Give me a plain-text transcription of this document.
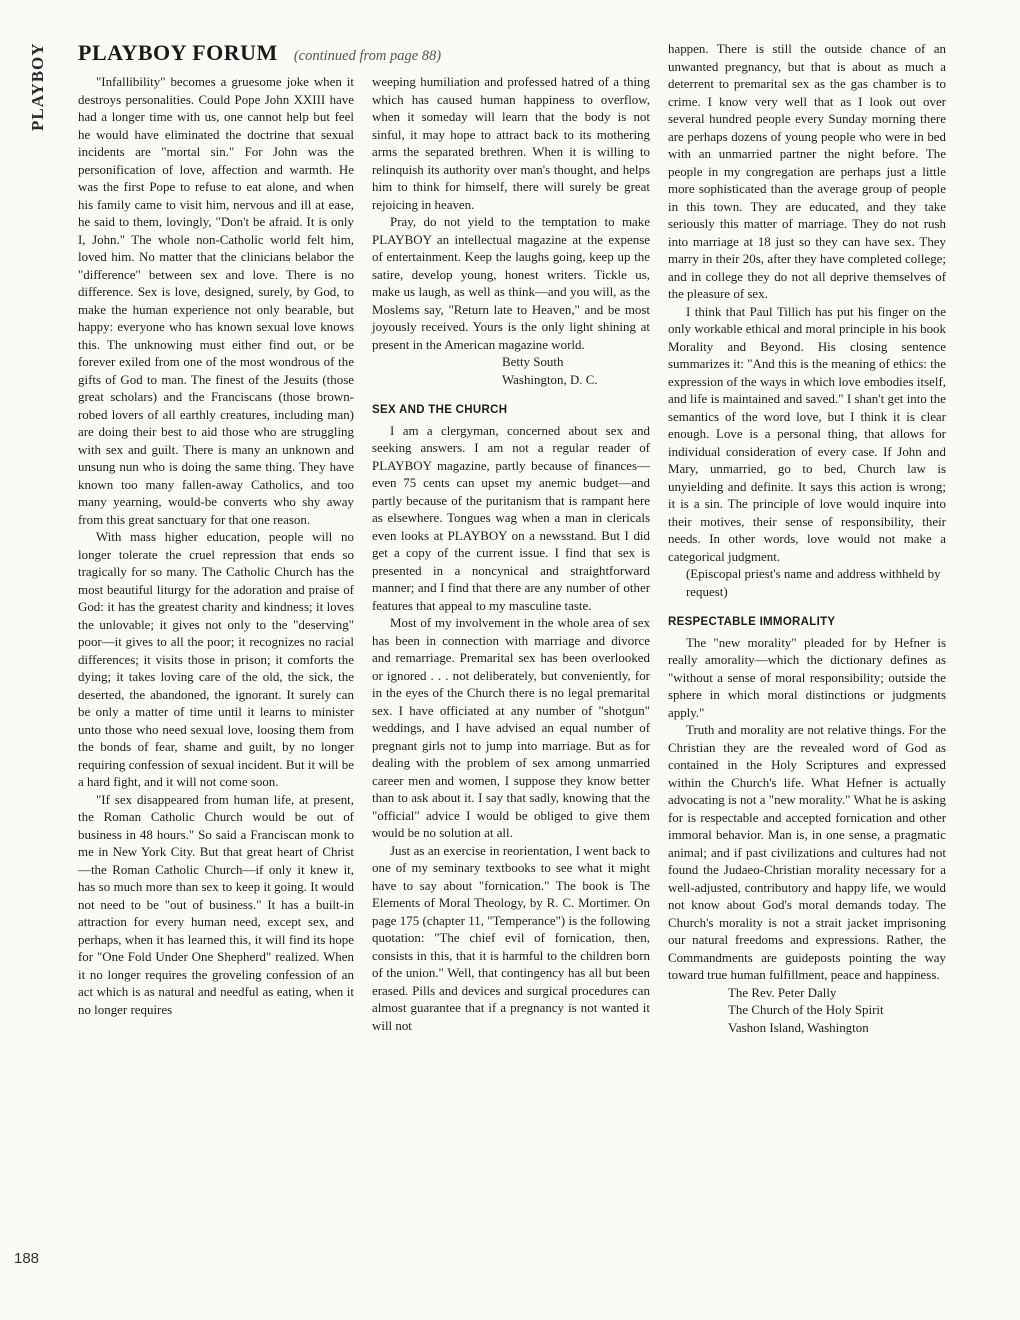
PLAYBOY PLAYBOY FORUM (continued from page 88)

"Infallibility" becomes a gruesome joke when it destroys personalities. Could Pope John XXIII have had a longer time with us, one cannot help but feel he would have eliminated the doctrine that sexual incidents are "mortal sin." For John was the personification of love, affection and warmth. He was the first Pope to refuse to eat alone, and when his family came to visit him, nervous and ill at ease, he said to them, lovingly, "Don't be afraid. It is only I, John." The whole non-Catholic world felt him, loved him. No matter that the clinicians belabor the "difference" between sex and love. There is no difference. Sex is love, designed, surely, by God, to make the human experience not only bearable, but happy: everyone who has known sexual love knows this. The unknowing must either find out, or be forever exiled from one of the most wondrous of the gifts of God to man. The finest of the Jesuits (those great scholars) and the Franciscans (those brown-robed lovers of all earthly creatures, including man) are doing their best to aid those who are struggling with sex and guilt. There is many an unknown and unsung nun who is doing the same thing. They have known too many fallen-away Catholics, and too many yearning, would-be converts who shy away from this great sanctuary for that one reason.

With mass higher education, people will no longer tolerate the cruel repression that ends so tragically for so many. The Catholic Church has the most beautiful liturgy for the adoration and praise of God: it has the greatest charity and kindness; it loves the unlovable; it gives not only to the "deserving" poor—it gives to all the poor; it recognizes no racial differences; it visits those in prison; it comforts the dying; it takes loving care of the old, the sick, the deserted, the abandoned, the ignorant. It surely can be only a matter of time until it learns to minister unto those who need sexual love, loosing them from the bonds of fear, shame and guilt, by no longer requiring confession of sexual incident. But it will be a hard fight, and it will not come soon.

"If sex disappeared from human life, at present, the Roman Catholic Church would be out of business in 48 hours." So said a Franciscan monk to me in New York City. But that great heart of Christ —the Roman Catholic Church—if only it knew it, has so much more than sex to keep it going. It would not need to be "out of business." It has a built-in attraction for every human need, except sex, and perhaps, when it has learned this, it will find its hope for "One Fold Under One Shepherd" realized. When it no longer requires the groveling confession of an act which is as natural and needful as eating, when it no longer requires

weeping humiliation and professed hatred of a thing which has caused human happiness to overflow, when it someday will learn that the body is not sinful, it may hope to attract back to its mothering arms the separated brethren. When it is willing to relinquish its authority over man's thought, and helps him to think for himself, there will surely be great rejoicing in heaven.

Pray, do not yield to the temptation to make PLAYBOY an intellectual magazine at the expense of entertainment. Keep the laughs going, keep up the satire, develop young, honest writers. Tickle us, make us laugh, as well as think—and you will, as the Moslems say, "Return late to Heaven," and be most joyously received. Yours is the only light shining at present in the American magazine world.

Betty South

Washington, D. C.

SEX AND THE CHURCH

I am a clergyman, concerned about sex and seeking answers. I am not a regular reader of PLAYBOY magazine, partly because of finances—even 75 cents can upset my anemic budget—and partly because of the puritanism that is rampant here as elsewhere. Tongues wag when a man in clericals even looks at PLAYBOY on a newsstand. But I did get a copy of the current issue. I find that sex is presented in a noncynical and straightforward manner; and I find that there are any number of other features that appeal to my masculine taste.

Most of my involvement in the whole area of sex has been in connection with marriage and divorce and remarriage. Premarital sex has been overlooked or ignored . . . not deliberately, but conveniently, for in the eyes of the Church there is no legal premarital sex. I have officiated at any number of "shotgun" weddings, and I have advised an equal number of pregnant girls not to jump into marriage. But as for dealing with the problem of sex among unmarried career men and women, I suppose they know better than to ask about it. I say that sadly, knowing that the "official" advice I would be obliged to give them would be no solution at all.

Just as an exercise in reorientation, I went back to one of my seminary textbooks to see what it might have to say about "fornication." The book is The Elements of Moral Theology, by R. C. Mortimer. On page 175 (chapter 11, "Temperance") is the following quotation: "The chief evil of fornication, then, consists in this, that it is harmful to the children born of the union." Well, that contingency has all but been erased. Pills and devices and surgical procedures can almost guarantee that if a pregnancy is not wanted it will not

happen. There is still the outside chance of an unwanted pregnancy, but that is about as much a deterrent to premarital sex as the gas chamber is to crime. I know very well that as I look out over several hundred people every Sunday morning there are perhaps dozens of young people who were in bed with an unmarried partner the night before. The people in my congregation are perhaps just a little more sophisticated than the average group of people in this town. They are educated, and they take seriously this matter of marriage. They do not rush into marriage at 18 just so they can have sex. They marry in their 20s, after they have completed college; and in college they do not all deprive themselves of the pleasure of sex.

I think that Paul Tillich has put his finger on the only workable ethical and moral principle in his book Morality and Beyond. His closing sentence summarizes it: "And this is the meaning of ethics: the expression of the ways in which love embodies itself, and life is maintained and saved." I shan't get into the semantics of the word love, but I think it is clear enough. Love is a personal thing, that allows for individual consideration of every case. If John and Mary, unmarried, go to bed, Church law is unyielding and definite. It says this action is wrong; it is a sin. The principle of love would inquire into their motives, their sense of responsibility, their needs. In other words, love would not make a categorical judgment.

(Episcopal priest's name and address withheld by request)

RESPECTABLE IMMORALITY

The "new morality" pleaded for by Hefner is really amorality—which the dictionary defines as "without a sense of moral responsibility; outside the sphere in which moral distinctions or judgments apply."

Truth and morality are not relative things. For the Christian they are the revealed word of God as contained in the Holy Scriptures and expressed within the Church's life. What Hefner is actually advocating is not a "new morality." What he is asking for is respectable and accepted fornication and other immoral behavior. Man is, in one sense, a pragmatic animal; and if past civilizations and cultures had not found the Judaeo-Christian morality necessary for a well-adjusted, contributory and happy life, we would not know about God's moral demands today. The Church's morality is not a strait jacket imprisoning our natural freedoms and expressions. Rather, the Commandments are guideposts pointing the way toward true human fulfillment, peace and happiness.

The Rev. Peter Dally

The Church of the Holy Spirit

Vashon Island, Washington

188
